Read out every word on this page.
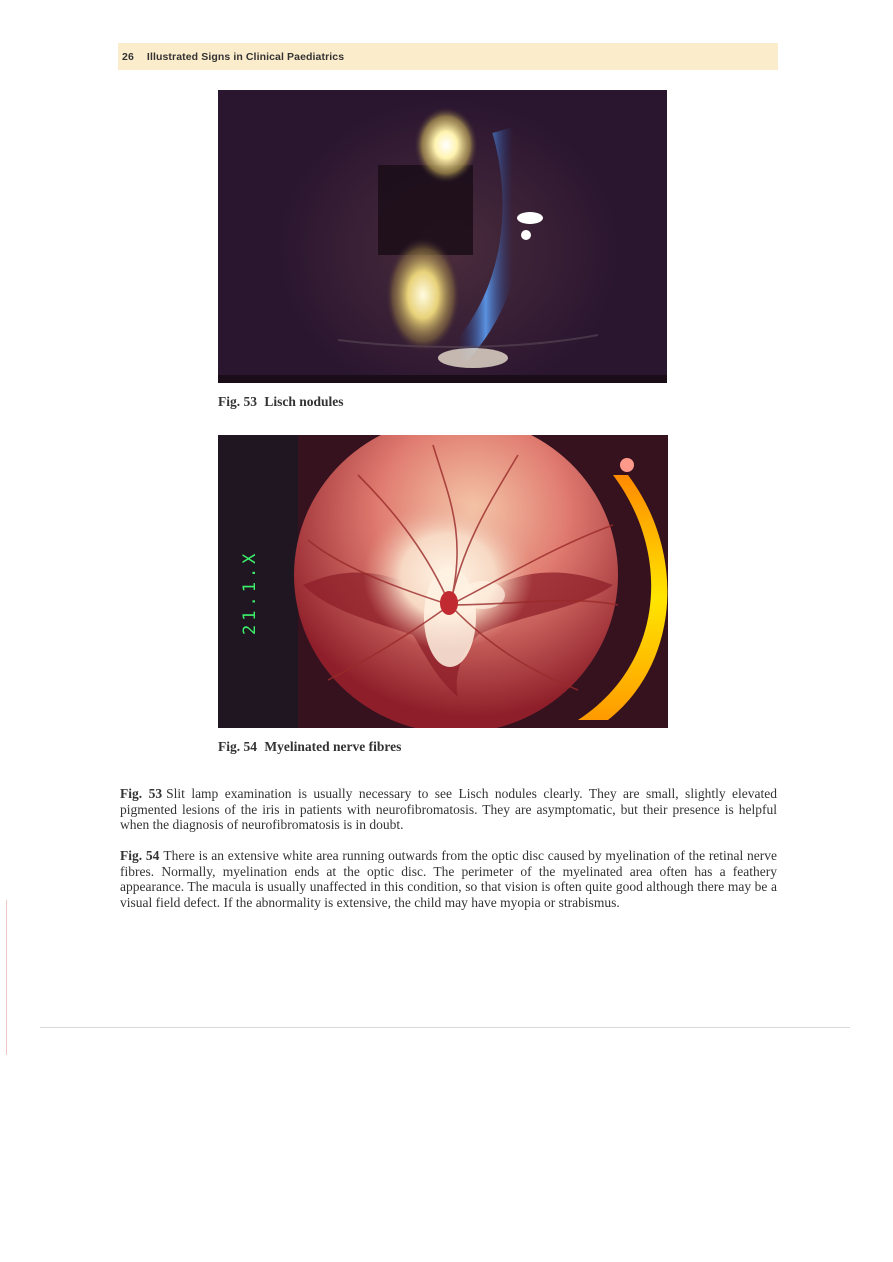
26 Illustrated Signs in Clinical Paediatrics
Fig. 53 Lisch nodules
21.1.X
Fig. 54 Myelinated nerve fibres
Fig. 53 Slit lamp examination is usually necessary to see Lisch nodules clearly. They are small, slightly elevated pigmented lesions of the iris in patients with neurofibromatosis. They are asymptomatic, but their presence is helpful when the diagnosis of neurofibromatosis is in doubt.
Fig. 54 There is an extensive white area running outwards from the optic disc caused by myelination of the retinal nerve fibres. Normally, myelination ends at the optic disc. The perimeter of the myelinated area often has a feathery appearance. The macula is usually unaffected in this condition, so that vision is often quite good although there may be a visual field defect. If the abnormality is extensive, the child may have myopia or strabismus.
